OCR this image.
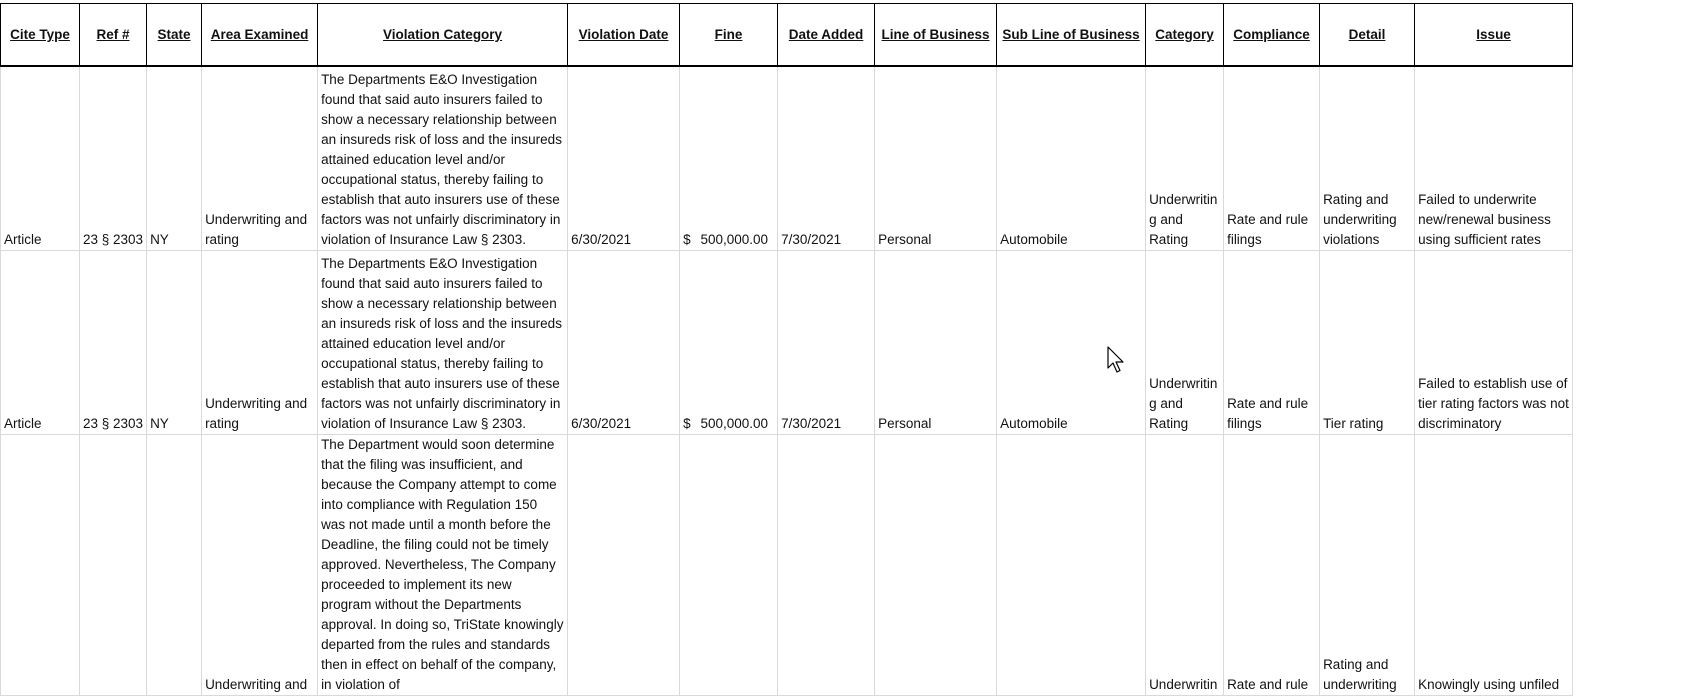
Cite Type	Ref #	State	Area Examined	Violation Category	Violation Date	Fine	Date Added	Line of Business	Sub Line of Business	Category	Compliance	Detail	Issue
Article	23 § 2303	NY	Underwriting and rating	The Departments E&O Investigation found that said auto insurers failed to show a necessary relationship between an insureds risk of loss and the insureds attained education level and/or occupational status, thereby failing to establish that auto insurers use of these factors was not unfairly discriminatory in violation of Insurance Law § 2303.	6/30/2021	$ 500,000.00	7/30/2021	Personal	Automobile	Underwriting and Rating	Rate and rule filings	Rating and underwriting violations	Failed to underwrite new/renewal business using sufficient rates
Article	23 § 2303	NY	Underwriting and rating	The Departments E&O Investigation found that said auto insurers failed to show a necessary relationship between an insureds risk of loss and the insureds attained education level and/or occupational status, thereby failing to establish that auto insurers use of these factors was not unfairly discriminatory in violation of Insurance Law § 2303.	6/30/2021	$ 500,000.00	7/30/2021	Personal	Automobile	Underwriting and Rating	Rate and rule filings	Tier rating	Failed to establish use of tier rating factors was not discriminatory
			Underwriting and	The Department would soon determine that the filing was insufficient, and because the Company attempt to come into compliance with Regulation 150 was not made until a month before the Deadline, the filing could not be timely approved. Nevertheless, The Company proceeded to implement its new program without the Departments approval. In doing so, TriState knowingly departed from the rules and standards then in effect on behalf of the company, in violation of						Underwritin	Rate and rule	Rating and underwriting	Knowingly using unfiled
